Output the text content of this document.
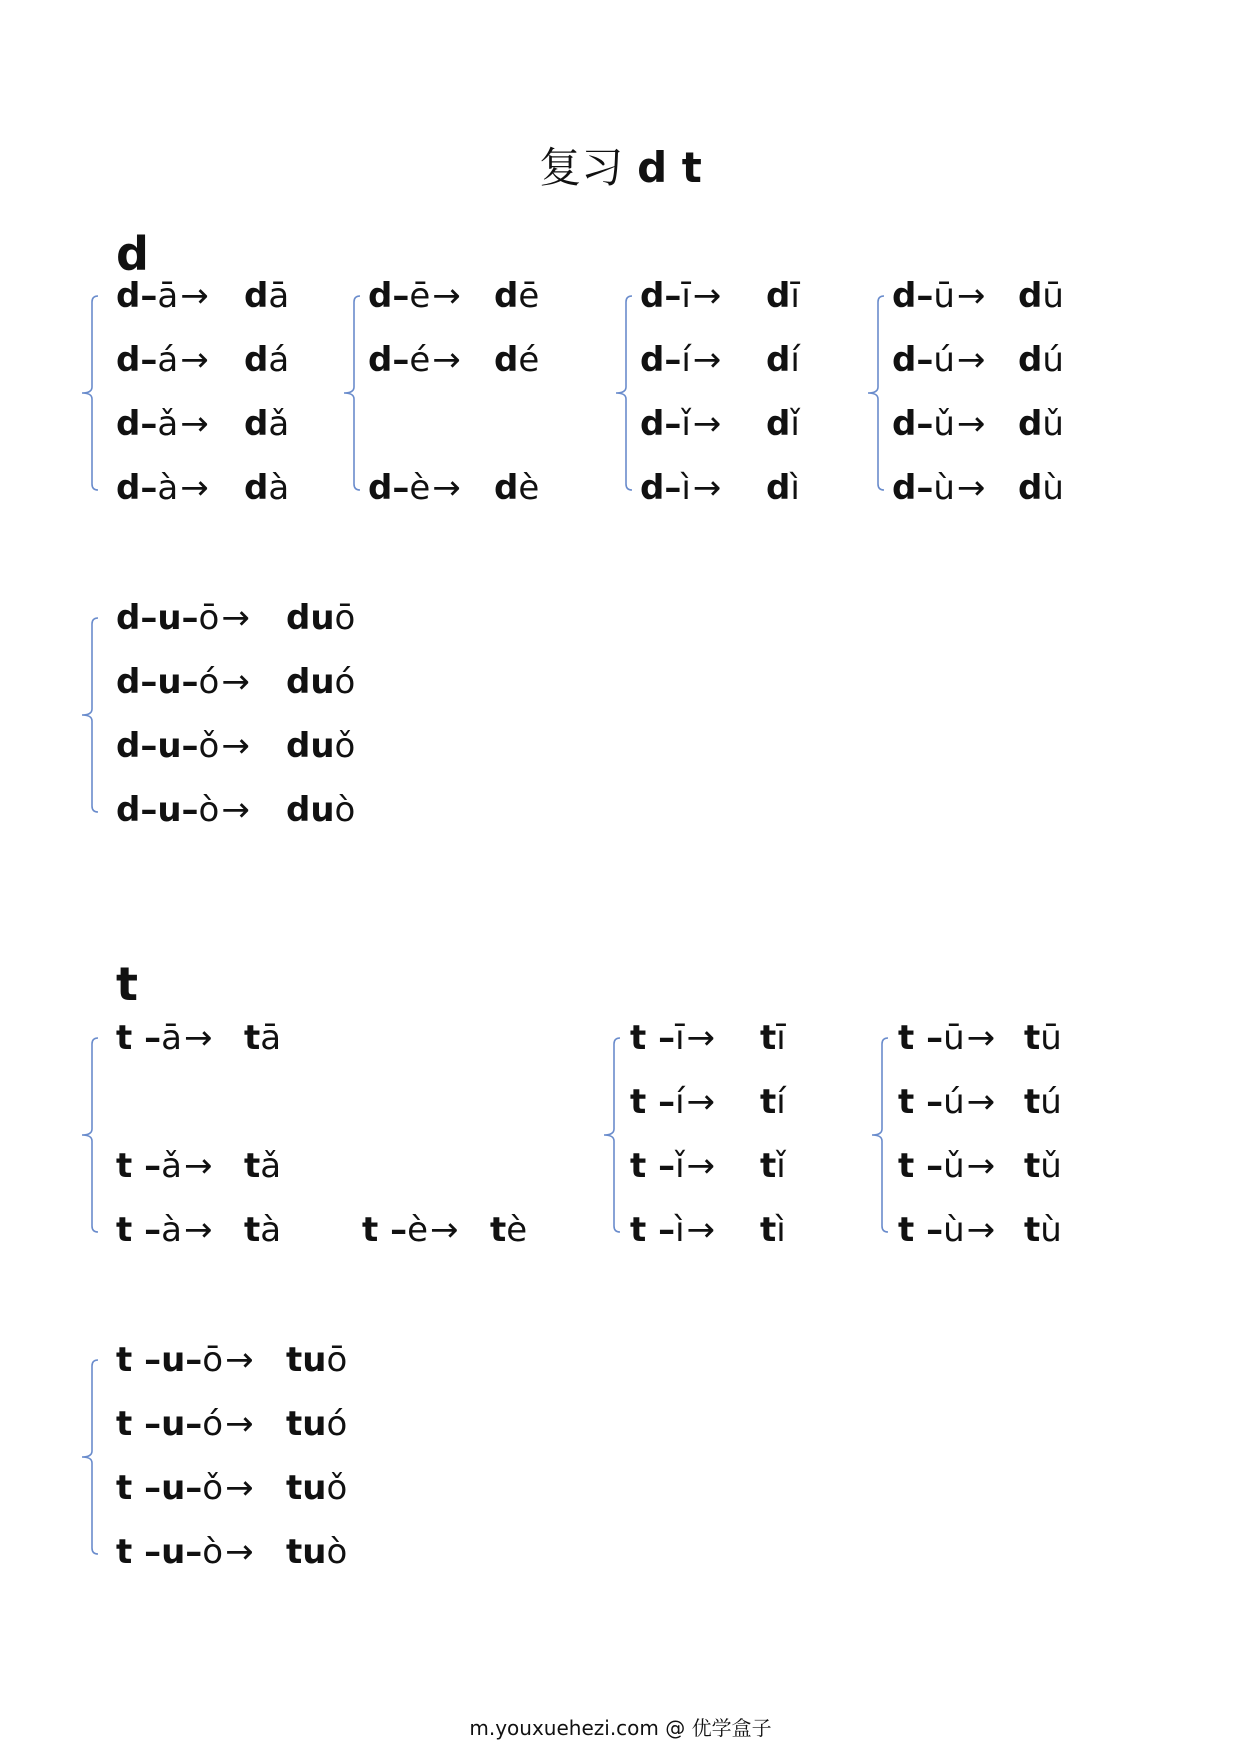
复习 d t
d
t
d–ā→ dā
d–á→ dá
d–ǎ→ dǎ
d–à→ dà
d–ē→ dē
d–é→ dé
d–è→ dè
d–ī→ dī
d–í→ dí
d–ǐ→ dǐ
d–ì→ dì
d–ū→ dū
d–ú→ dú
d–ǔ→ dǔ
d–ù→ dù
d–u–ō→ duō
d–u–ó→ duó
d–u–ǒ→ duǒ
d–u–ò→ duò
t –ā→ tā
t –ǎ→ tǎ
t –à→ tà t –è→ tè
t –ī→ tī
t –í→ tí
t –ǐ→ tǐ
t –ì→ tì
t –ū→ tū
t –ú→ tú
t –ǔ→ tǔ
t –ù→ tù
t –u–ō→ tuō
t –u–ó→ tuó
t –u–ǒ→ tuǒ
t –u–ò→ tuò
m.youxuehezi.com @ 优学盒子
